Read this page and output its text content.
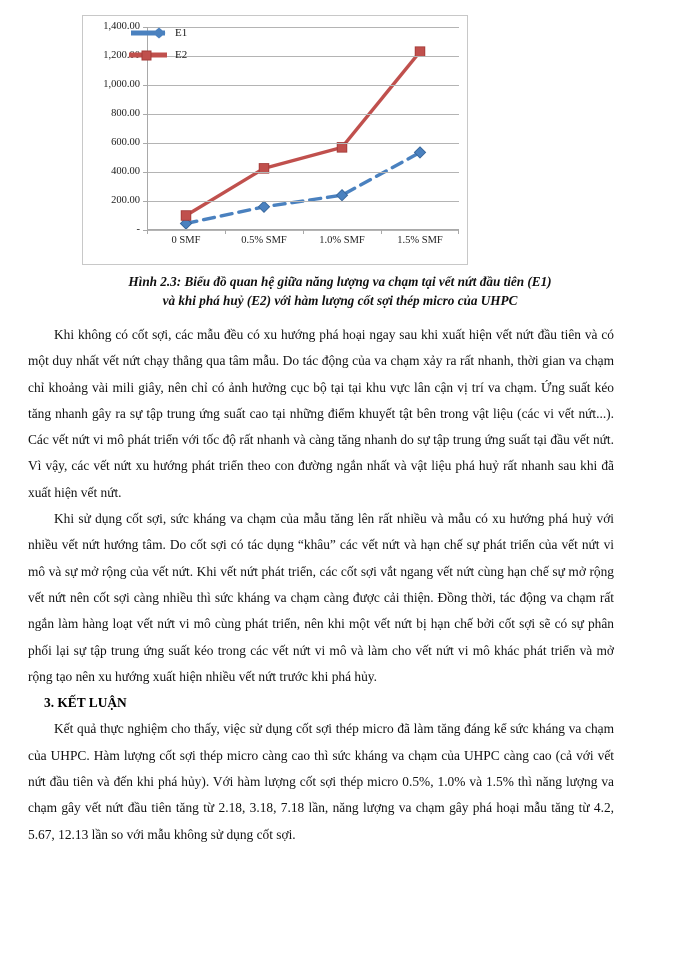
-
200.00
400.00
600.00
800.00
1,000.00
1,200.00
1,400.00
0 SMF	0.5% SMF	1.0% SMF	1.5% SMF
E1
E2
Hình 2.3: Biểu đồ quan hệ giữa năng lượng va chạm tại vết nứt đầu tiên (E1)
và khi phá huỷ (E2) với hàm lượng cốt sợi thép micro của UHPC

Khi không có cốt sợi, các mẫu đều có xu hướng phá hoại ngay sau khi xuất hiện vết nứt đầu tiên và có một duy nhất vết nứt chạy thẳng qua tâm mẫu. Do tác động của va chạm xảy ra rất nhanh, thời gian va chạm chỉ khoảng vài mili giây, nên chỉ có ảnh hưởng cục bộ tại tại khu vực lân cận vị trí va chạm. Ứng suất kéo tăng nhanh gây ra sự tập trung ứng suất cao tại những điểm khuyết tật bên trong vật liệu (các vi vết nứt...). Các vết nứt vi mô phát triển với tốc độ rất nhanh và càng tăng nhanh do sự tập trung ứng suất tại đầu vết nứt. Vì vậy, các vết nứt xu hướng phát triển theo con đường ngắn nhất và vật liệu phá huỷ rất nhanh sau khi đã xuất hiện vết nứt.

Khi sử dụng cốt sợi, sức kháng va chạm của mẫu tăng lên rất nhiều và mẫu có xu hướng phá huỷ với nhiều vết nứt hướng tâm. Do cốt sợi có tác dụng “khâu” các vết nứt và hạn chế sự phát triển của vết nứt vi mô và sự mở rộng của vết nứt. Khi vết nứt phát triển, các cốt sợi vắt ngang vết nứt cùng hạn chế sự mở rộng vết nứt nên cốt sợi càng nhiều thì sức kháng va chạm càng được cải thiện. Đồng thời, tác động va chạm rất ngắn làm hàng loạt vết nứt vi mô cùng phát triển, nên khi một vết nứt bị hạn chế bởi cốt sợi sẽ có sự phân phối lại sự tập trung ứng suất kéo trong các vết nứt vi mô và làm cho vết nứt vi mô khác phát triển và mở rộng tạo nên xu hướng xuất hiện nhiều vết nứt trước khi phá hủy.

3. KẾT LUẬN

Kết quả thực nghiệm cho thấy, việc sử dụng cốt sợi thép micro đã làm tăng đáng kể sức kháng va chạm của UHPC. Hàm lượng cốt sợi thép micro càng cao thì sức kháng va chạm của UHPC càng cao (cả với vết nứt đầu tiên và đến khi phá hủy). Với hàm lượng cốt sợi thép micro 0.5%, 1.0% và 1.5% thì năng lượng va chạm gây vết nứt đầu tiên tăng từ 2.18, 3.18, 7.18 lần, năng lượng va chạm gây phá hoại mẫu tăng từ 4.2, 5.67, 12.13 lần so với mẫu không sử dụng cốt sợi.
